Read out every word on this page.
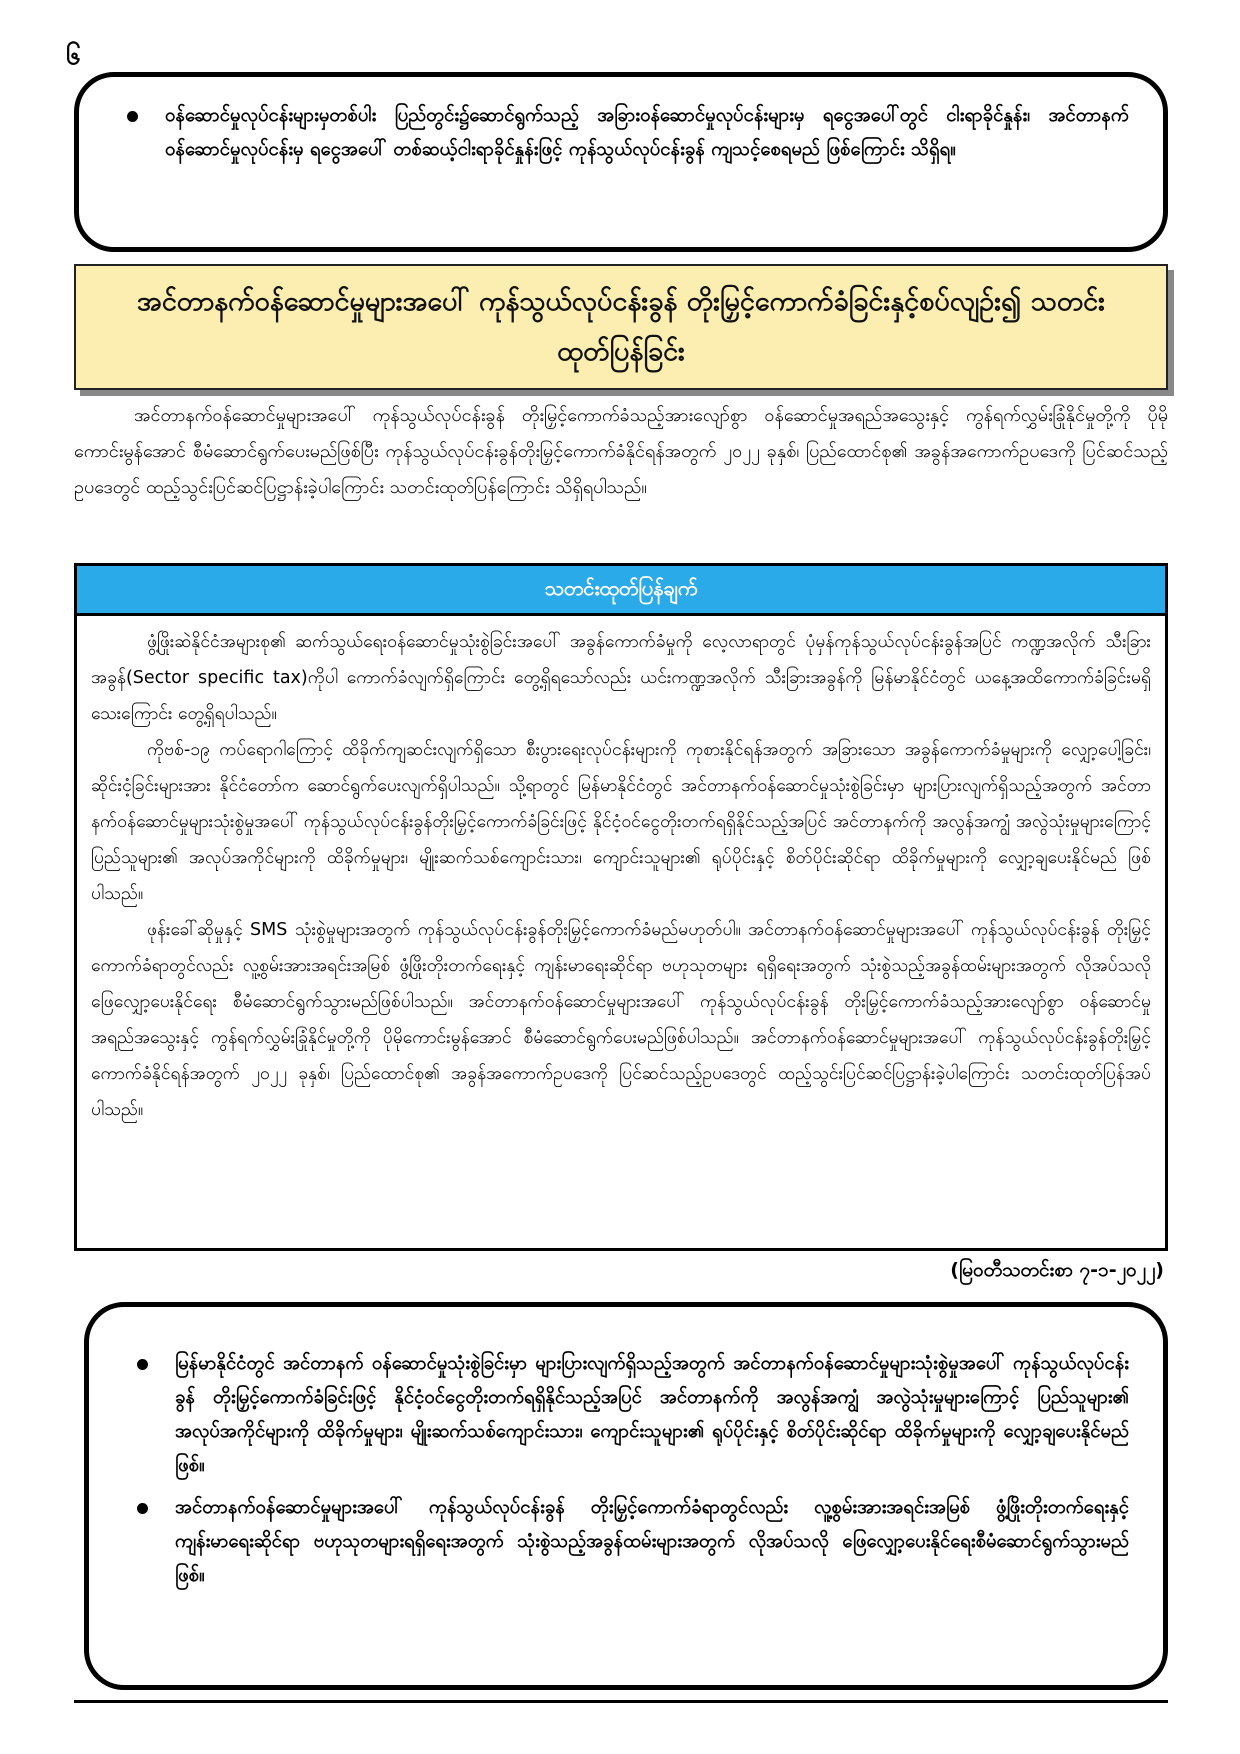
၆
ဝန်ဆောင်မှုလုပ်ငန်းများမှတစ်ပါး ပြည်တွင်း၌ဆောင်ရွက်သည့် အခြားဝန်ဆောင်မှုလုပ်ငန်းများမှ ရငွေအပေါ်တွင် ငါးရာခိုင်နှုန်း၊ အင်တာနက်ဝန်ဆောင်မှုလုပ်ငန်းမှ ရငွေအပေါ် တစ်ဆယ့်ငါးရာခိုင်နှုန်းဖြင့် ကုန်သွယ်လုပ်ငန်းခွန် ကျသင့်စေရမည် ဖြစ်ကြောင်း သိရှိရ။
အင်တာနက်ဝန်ဆောင်မှုများအပေါ် ကုန်သွယ်လုပ်ငန်းခွန် တိုးမြှင့်ကောက်ခံခြင်းနှင့်စပ်လျဉ်း၍ သတင်းထုတ်ပြန်ခြင်း

အင်တာနက်ဝန်ဆောင်မှုများအပေါ် ကုန်သွယ်လုပ်ငန်းခွန် တိုးမြှင့်ကောက်ခံသည့်အားလျော်စွာ ဝန်ဆောင်မှုအရည်အသွေးနှင့် ကွန်ရက်လွှမ်းခြုံနိုင်မှုတို့ကို ပိုမိုကောင်းမွန်အောင် စီမံဆောင်ရွက်ပေးမည်ဖြစ်ပြီး ကုန်သွယ်လုပ်ငန်းခွန်တိုးမြှင့်ကောက်ခံနိုင်ရန်အတွက် ၂၀၂၂ ခုနှစ်၊ ပြည်ထောင်စု၏ အခွန်အကောက်ဥပဒေကို ပြင်ဆင်သည့်ဥပဒေတွင် ထည့်သွင်းပြင်ဆင်ပြဋ္ဌာန်းခဲ့ပါကြောင်း သတင်းထုတ်ပြန်ကြောင်း သိရှိရပါသည်။

သတင်းထုတ်ပြန်ချက်

ဖွံ့ဖြိုးဆဲနိုင်ငံအများစု၏ ဆက်သွယ်ရေးဝန်ဆောင်မှုသုံးစွဲခြင်းအပေါ် အခွန်ကောက်ခံမှုကို လေ့လာရာတွင် ပုံမှန်ကုန်သွယ်လုပ်ငန်းခွန်အပြင် ကဏ္ဍအလိုက် သီးခြားအခွန်(Sector specific tax)ကိုပါ ကောက်ခံလျက်ရှိကြောင်း တွေ့ရှိရသော်လည်း ယင်းကဏ္ဍအလိုက် သီးခြားအခွန်ကို မြန်မာနိုင်ငံတွင် ယနေ့အထိကောက်ခံခြင်းမရှိသေးကြောင်း တွေ့ရှိရပါသည်။

ကိုဗစ်-၁၉ ကပ်ရောဂါကြောင့် ထိခိုက်ကျဆင်းလျက်ရှိသော စီးပွားရေးလုပ်ငန်းများကို ကုစားနိုင်ရန်အတွက် အခြားသော အခွန်ကောက်ခံမှုများကို လျှော့ပေါ့ခြင်း၊ ဆိုင်းငံ့ခြင်းများအား နိုင်ငံတော်က ဆောင်ရွက်ပေးလျက်ရှိပါသည်။ သို့ရာတွင် မြန်မာနိုင်ငံတွင် အင်တာနက်ဝန်ဆောင်မှုသုံးစွဲခြင်းမှာ များပြားလျက်ရှိသည့်အတွက် အင်တာနက်ဝန်ဆောင်မှုများသုံးစွဲမှုအပေါ် ကုန်သွယ်လုပ်ငန်းခွန်တိုးမြှင့်ကောက်ခံခြင်းဖြင့် နိုင်ငံ့ဝင်ငွေတိုးတက်ရရှိနိုင်သည့်အပြင် အင်တာနက်ကို အလွန်အကျွံ အလွဲသုံးမှုများကြောင့် ပြည်သူများ၏ အလုပ်အကိုင်များကို ထိခိုက်မှုများ၊ မျိုးဆက်သစ်ကျောင်းသား၊ ကျောင်းသူများ၏ ရုပ်ပိုင်းနှင့် စိတ်ပိုင်းဆိုင်ရာ ထိခိုက်မှုများကို လျှော့ချပေးနိုင်မည် ဖြစ်ပါသည်။

ဖုန်းခေါ်ဆိုမှုနှင့် SMS သုံးစွဲမှုများအတွက် ကုန်သွယ်လုပ်ငန်းခွန်တိုးမြှင့်ကောက်ခံမည်မဟုတ်ပါ။ အင်တာနက်ဝန်ဆောင်မှုများအပေါ် ကုန်သွယ်လုပ်ငန်းခွန် တိုးမြှင့်ကောက်ခံရာတွင်လည်း လူ့စွမ်းအားအရင်းအမြစ် ဖွံ့ဖြိုးတိုးတက်ရေးနှင့် ကျန်းမာရေးဆိုင်ရာ ဗဟုသုတများ ရရှိရေးအတွက် သုံးစွဲသည့်အခွန်ထမ်းများအတွက် လိုအပ်သလို ဖြေလျှော့ပေးနိုင်ရေး စီမံဆောင်ရွက်သွားမည်ဖြစ်ပါသည်။ အင်တာနက်ဝန်ဆောင်မှုများအပေါ် ကုန်သွယ်လုပ်ငန်းခွန် တိုးမြှင့်ကောက်ခံသည့်အားလျော်စွာ ဝန်ဆောင်မှုအရည်အသွေးနှင့် ကွန်ရက်လွှမ်းခြုံနိုင်မှုတို့ကို ပိုမိုကောင်းမွန်အောင် စီမံဆောင်ရွက်ပေးမည်ဖြစ်ပါသည်။ အင်တာနက်ဝန်ဆောင်မှုများအပေါ် ကုန်သွယ်လုပ်ငန်းခွန်တိုးမြှင့်ကောက်ခံနိုင်ရန်အတွက် ၂၀၂၂ ခုနှစ်၊ ပြည်ထောင်စု၏ အခွန်အကောက်ဥပဒေကို ပြင်ဆင်သည့်ဥပဒေတွင် ထည့်သွင်းပြင်ဆင်ပြဋ္ဌာန်းခဲ့ပါကြောင်း သတင်းထုတ်ပြန်အပ်ပါသည်။

(မြဝတီသတင်းစာ ၇-၁-၂၀၂၂)
မြန်မာနိုင်ငံတွင် အင်တာနက် ဝန်ဆောင်မှုသုံးစွဲခြင်းမှာ များပြားလျက်ရှိသည့်အတွက် အင်တာနက်ဝန်ဆောင်မှုများသုံးစွဲမှုအပေါ် ကုန်သွယ်လုပ်ငန်းခွန် တိုးမြှင့်ကောက်ခံခြင်းဖြင့် နိုင်ငံ့ဝင်ငွေတိုးတက်ရရှိနိုင်သည့်အပြင် အင်တာနက်ကို အလွန်အကျွံ အလွဲသုံးမှုများကြောင့် ပြည်သူများ၏ အလုပ်အကိုင်များကို ထိခိုက်မှုများ၊ မျိုးဆက်သစ်ကျောင်းသား၊ ကျောင်းသူများ၏ ရုပ်ပိုင်းနှင့် စိတ်ပိုင်းဆိုင်ရာ ထိခိုက်မှုများကို လျှော့ချပေးနိုင်မည်ဖြစ်။
အင်တာနက်ဝန်ဆောင်မှုများအပေါ် ကုန်သွယ်လုပ်ငန်းခွန် တိုးမြှင့်ကောက်ခံရာတွင်လည်း လူ့စွမ်းအားအရင်းအမြစ် ဖွံ့ဖြိုးတိုးတက်ရေးနှင့် ကျန်းမာရေးဆိုင်ရာ ဗဟုသုတများရရှိရေးအတွက် သုံးစွဲသည့်အခွန်ထမ်းများအတွက် လိုအပ်သလို ဖြေလျှော့ပေးနိုင်ရေးစီမံဆောင်ရွက်သွားမည်ဖြစ်။
